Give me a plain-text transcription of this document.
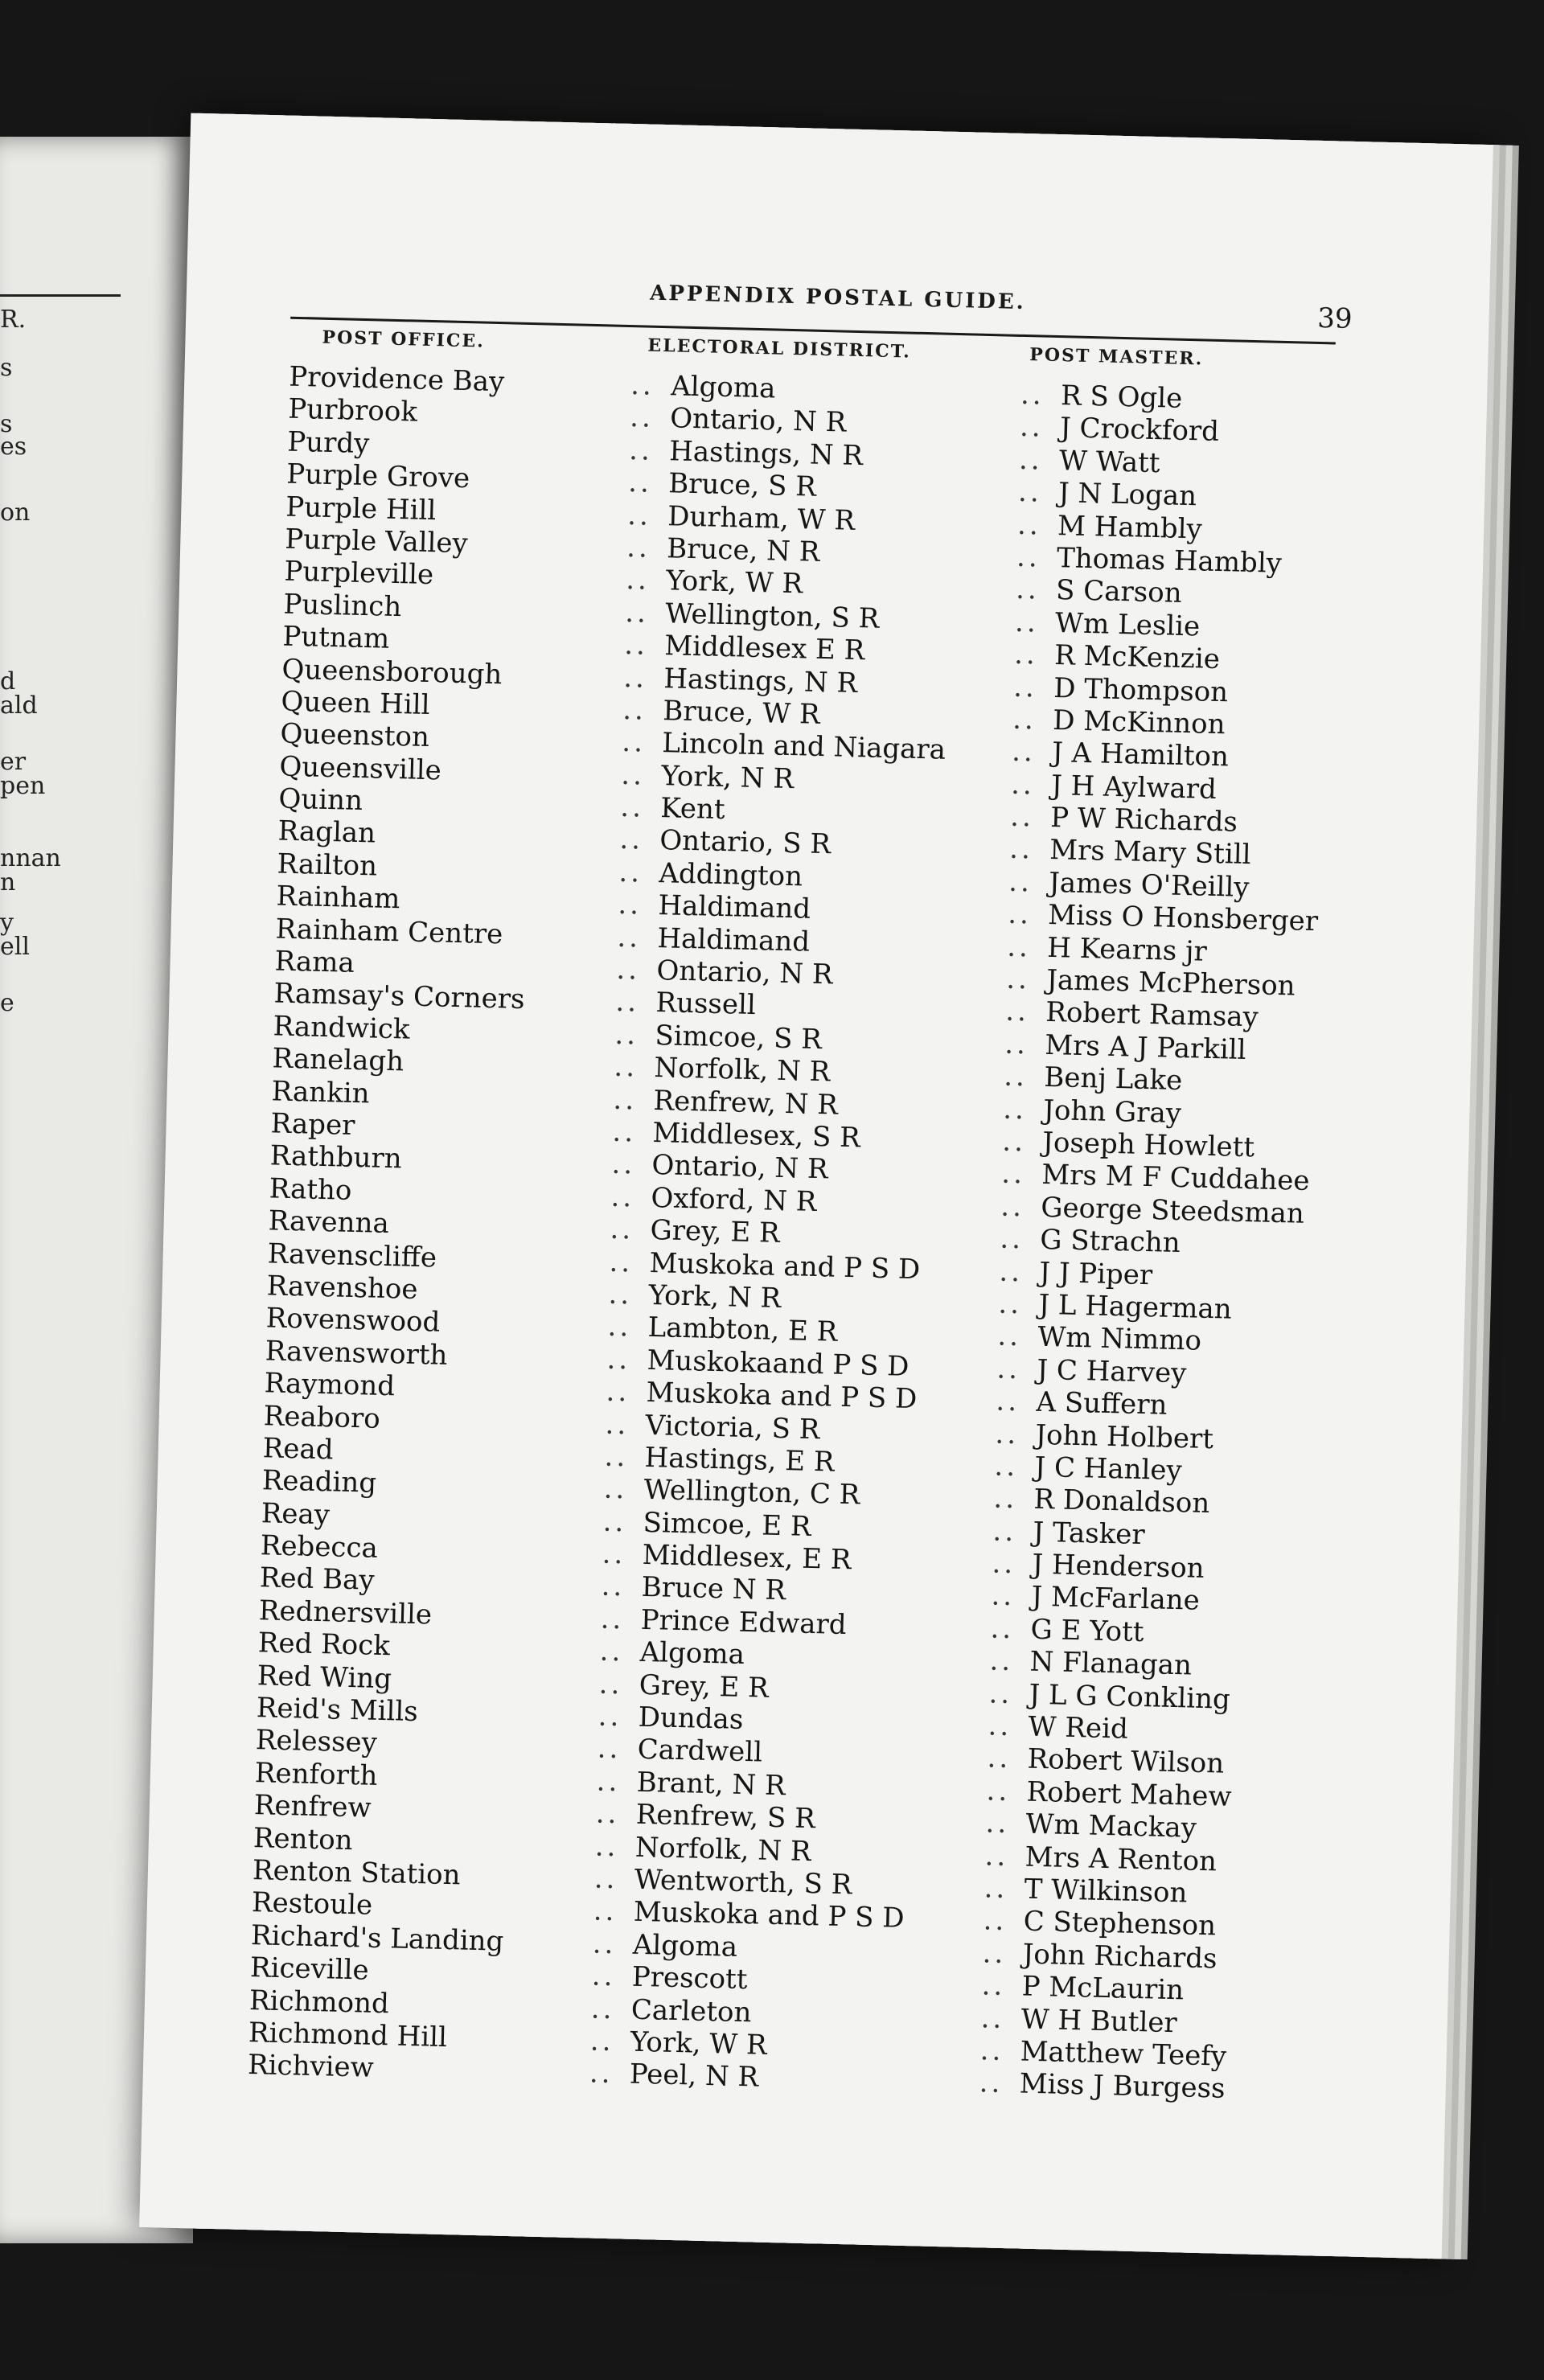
R.
s
s
es
on
d
ald
er
pen
nnan
n
y
ell
e
APPENDIX POSTAL GUIDE.
39
POST OFFICE.	ELECTORAL DISTRICT.	POST MASTER.
Providence Bay	.. Algoma	.. R S Ogle
Purbrook	.. Ontario, N R	.. J Crockford
Purdy	.. Hastings, N R	.. W Watt
Purple Grove	.. Bruce, S R	.. J N Logan
Purple Hill	.. Durham, W R	.. M Hambly
Purple Valley	.. Bruce, N R	.. Thomas Hambly
Purpleville	.. York, W R	.. S Carson
Puslinch	.. Wellington, S R	.. Wm Leslie
Putnam	.. Middlesex E R	.. R McKenzie
Queensborough	.. Hastings, N R	.. D Thompson
Queen Hill	.. Bruce, W R	.. D McKinnon
Queenston	.. Lincoln and Niagara .. J A Hamilton
Queensville	.. York, N R	.. J H Aylward
Quinn	.. Kent	.. P W Richards
Raglan	.. Ontario, S R	.. Mrs Mary Still
Railton	.. Addington	.. James O'Reilly
Rainham	.. Haldimand	.. Miss O Honsberger
Rainham Centre	.. Haldimand	.. H Kearns jr
Rama	.. Ontario, N R	.. James McPherson
Ramsay's Corners	.. Russell	.. Robert Ramsay
Randwick	.. Simcoe, S R	.. Mrs A J Parkill
Ranelagh	.. Norfolk, N R	.. Benj Lake
Rankin	.. Renfrew, N R	.. John Gray
Raper	.. Middlesex, S R	.. Joseph Howlett
Rathburn	.. Ontario, N R	.. Mrs M F Cuddahee
Ratho	.. Oxford, N R	.. George Steedsman
Ravenna	.. Grey, E R	.. G Strachn
Ravenscliffe	.. Muskoka and P S D	.. J J Piper
Ravenshoe	.. York, N R	.. J L Hagerman
Rovenswood	.. Lambton, E R	.. Wm Nimmo
Ravensworth	.. Muskokaand P S D	.. J C Harvey
Raymond	.. Muskoka and P S D	.. A Suffern
Reaboro	.. Victoria, S R	.. John Holbert
Read	.. Hastings, E R	.. J C Hanley
Reading	.. Wellington, C R	.. R Donaldson
Reay	.. Simcoe, E R	.. J Tasker
Rebecca	.. Middlesex, E R	.. J Henderson
Red Bay	.. Bruce N R	.. J McFarlane
Rednersville	.. Prince Edward	.. G E Yott
Red Rock	.. Algoma	.. N Flanagan
Red Wing	.. Grey, E R	.. J L G Conkling
Reid's Mills	.. Dundas	.. W Reid
Relessey	.. Cardwell	.. Robert Wilson
Renforth	.. Brant, N R	.. Robert Mahew
Renfrew	.. Renfrew, S R	.. Wm Mackay
Renton	.. Norfolk, N R	.. Mrs A Renton
Renton Station	.. Wentworth, S R	.. T Wilkinson
Restoule	.. Muskoka and P S D	.. C Stephenson
Richard's Landing	.. Algoma	.. John Richards
Riceville	.. Prescott	.. P McLaurin
Richmond	.. Carleton	.. W H Butler
Richmond Hill	.. York, W R	.. Matthew Teefy
Richview	.. Peel, N R	.. Miss J Burgess
